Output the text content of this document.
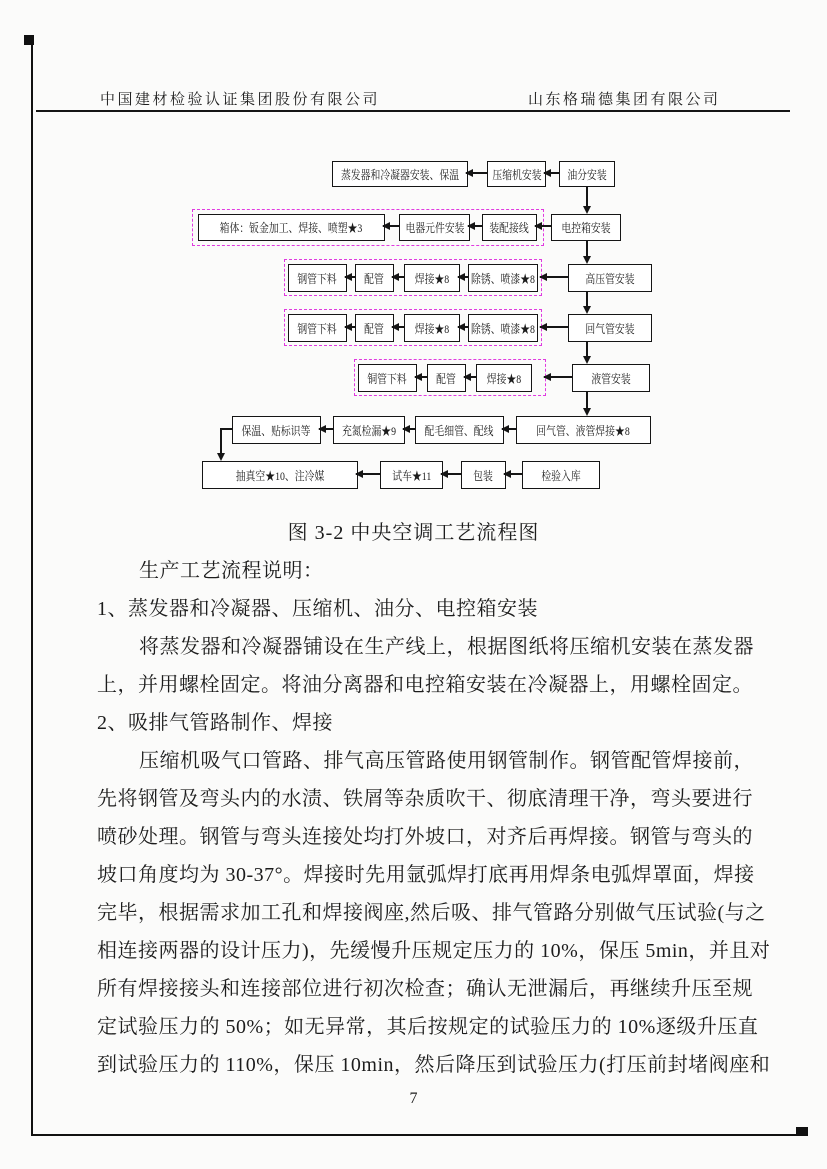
中国建材检验认证集团股份有限公司	山东格瑞德集团有限公司
蒸发器和冷凝器安装、保温	压缩机安装 油分安装
箱体：钣金加工、焊接、喷塑★3	电器元件安装 装配接线	电控箱安装
钢管下料 配管	焊接★8 除锈、喷漆★8	高压管安装
钢管下料 配管	焊接★8 除锈、喷漆★8	回气管安装
铜管下料 配管	焊接★8	液管安装
保温、贴标识等	充氮检漏★9 配毛细管、配线	回气管、液管焊接★8
抽真空★10、注冷媒	试车★11	包装	检验入库
图 3-2 中央空调工艺流程图
生产工艺流程说明：
1、蒸发器和冷凝器、压缩机、油分、电控箱安装
将蒸发器和冷凝器铺设在生产线上，根据图纸将压缩机安装在蒸发器
上，并用螺栓固定。将油分离器和电控箱安装在冷凝器上，用螺栓固定。
2、吸排气管路制作、焊接
压缩机吸气口管路、排气高压管路使用钢管制作。钢管配管焊接前，
先将钢管及弯头内的水渍、铁屑等杂质吹干、彻底清理干净，弯头要进行
喷砂处理。钢管与弯头连接处均打外坡口，对齐后再焊接。钢管与弯头的
坡口角度均为 30-37°。焊接时先用氩弧焊打底再用焊条电弧焊罩面，焊接
完毕，根据需求加工孔和焊接阀座,然后吸、排气管路分别做气压试验(与之
相连接两器的设计压力)，先缓慢升压规定压力的 10%，保压 5min，并且对
所有焊接接头和连接部位进行初次检查；确认无泄漏后，再继续升压至规
定试验压力的 50%；如无异常，其后按规定的试验压力的 10%逐级升压直
到试验压力的 110%，保压 10min，然后降压到试验压力(打压前封堵阀座和
7
